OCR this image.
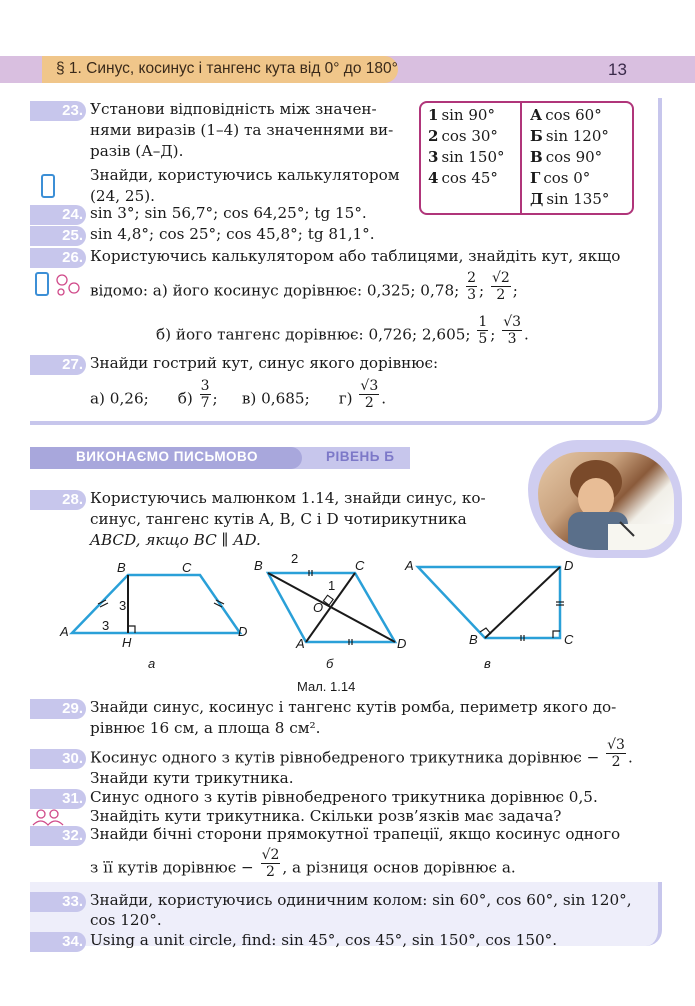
§ 1. Синус, косинус і тангенс кута від 0° до 180°	13
23. Установи відповідність між значен-
нями виразів (1–4) та значеннями ви-
разів (А–Д).
1 sin 90°
2 cos 30°
3 sin 150°
4 cos 45°
А cos 60°
Б sin 120°
В cos 90°
Г cos 0°
Д sin 135°
Знайди, користуючись калькулятором
(24, 25).
24. sin 3°; sin 56,7°; cos 64,25°; tg 15°.
25. sin 4,8°; cos 25°; cos 45,8°; tg 81,1°.
26. Користуючись калькулятором або таблицями, знайдіть кут, якщо
відомо: а) його косинус дорівнює: 0,325; 0,78; $\frac{2}{3}$ ; $\frac{√2}{2}$ ;
б) його тангенс дорівнює: 0,726; 2,605; $\frac{1}{5}$ ; $\frac{√3}{3}$ .
27. Знайди гострий кут, синус якого дорівнює:
а) 0,26; $б) \frac{3}{7}$ ;     в) 0,685; $г) \frac{√3}{2}$ .
ВИКОНАЄМО ПИСЬМОВО	РІВЕНЬ Б
28. Користуючись малюнком 1.14, знайди синус, ко-
синус, тангенс кутів A, B, C і D чотирикутника
ABCD, якщо BC ∥ AD.
A
B	C
D
H
3
3
а
B	C
A	D
O
2
1
б
A	D
B	C
в
Мал. 1.14
29. Знайди синус, косинус і тангенс кутів ромба, периметр якого до-
рівнює 16 см, а площа 8 см².
30. Косинус одного з кутів рівнобедреного трикутника дорівнює − $\frac{√3}{2}$ .
Знайди кути трикутника.
31. Синус одного з кутів рівнобедреного трикутника дорівнює 0,5.
Знайдіть кути трикутника. Скільки розв’язків має задача?
32. Знайди бічні сторони прямокутної трапеції, якщо косинус одного
з її кутів дорівнює − $\frac{√2}{2}$ , а різниця основ дорівнює a.
33. Знайди, користуючись одиничним колом: sin 60°, cos 60°, sin 120°,
cos 120°.
34. Using a unit circle, find: sin 45°, cos 45°, sin 150°, cos 150°.
